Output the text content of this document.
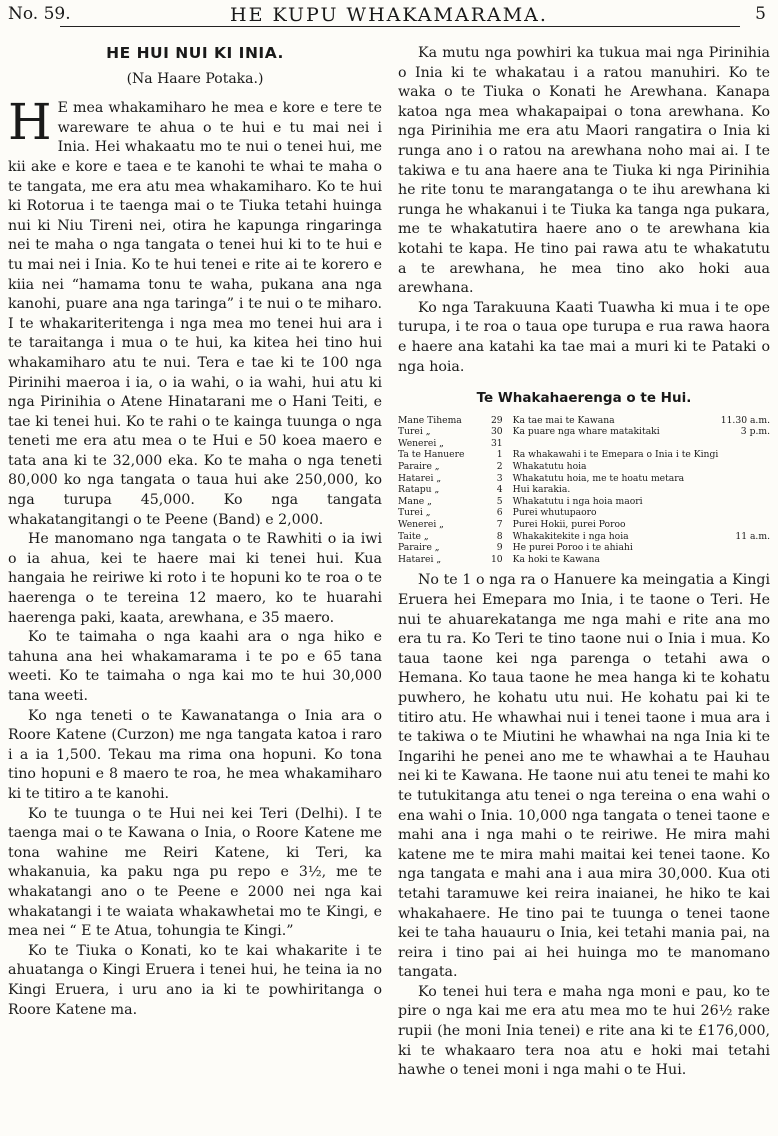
No. 59.	HE KUPU WHAKAMARAMA.	5
HE HUI NUI KI INIA.
(Na Haare Potaka.)

H E mea whakamiharo he mea e kore e tere te wareware te ahua o te hui e tu mai nei i Inia. Hei whakaatu mo te nui o tenei hui, me kii ake e kore e taea e te kanohi te whai te maha o te tangata, me era atu mea whakamiharo. Ko te hui ki Rotorua i te taenga mai o te Tiuka tetahi huinga nui ki Niu Tireni nei, otira he kapunga ringaringa nei te maha o nga tangata o tenei hui ki to te hui e tu mai nei i Inia. Ko te hui tenei e rite ai te korero e kiia nei “hamama tonu te waha, pukana ana nga kanohi, puare ana nga taringa” i te nui o te miharo. I te whakariteritenga i nga mea mo tenei hui ara i te taraitanga i mua o te hui, ka kitea hei tino hui whakamiharo atu te nui. Tera e tae ki te 100 nga Pirinihi maeroa i ia, o ia wahi, o ia wahi, hui atu ki nga Pirinihia o Atene Hinatarani me o Hani Teiti, e tae ki tenei hui. Ko te rahi o te kainga tuunga o nga teneti me era atu mea o te Hui e 50 koea maero e tata ana ki te 32,000 eka. Ko te maha o nga teneti 80,000 ko nga tangata o taua hui ake 250,000, ko nga turupa 45,000. Ko nga tangata whakatangitangi o te Peene (Band) e 2,000.

He manomano nga tangata o te Rawhiti o ia iwi o ia ahua, kei te haere mai ki tenei hui. Kua hangaia he reiriwe ki roto i te hopuni ko te roa o te haerenga o te tereina 12 maero, ko te huarahi haerenga paki, kaata, arewhana, e 35 maero.

Ko te taimaha o nga kaahi ara o nga hiko e tahuna ana hei whakamarama i te po e 65 tana weeti. Ko te taimaha o nga kai mo te hui 30,000 tana weeti.

Ko nga teneti o te Kawanatanga o Inia ara o Roore Katene (Curzon) me nga tangata katoa i raro i a ia 1,500. Tekau ma rima ona hopuni. Ko tona tino hopuni e 8 maero te roa, he mea whakamiharo ki te titiro a te kanohi.

Ko te tuunga o te Hui nei kei Teri (Delhi). I te taenga mai o te Kawana o Inia, o Roore Katene me tona wahine me Reiri Katene, ki Teri, ka whakanuia, ka paku nga pu repo e 3½, me te whakatangi ano o te Peene e 2000 nei nga kai whakatangi i te waiata whakawhetai mo te Kingi, e mea nei “ E te Atua, tohungia te Kingi.”

Ko te Tiuka o Konati, ko te kai whakarite i te ahuatanga o Kingi Eruera i tenei hui, he teina ia no Kingi Eruera, i uru ano ia ki te powhiritanga o Roore Katene ma.

Ka mutu nga powhiri ka tukua mai nga Pirinihia o Inia ki te whakatau i a ratou manuhiri. Ko te waka o te Tiuka o Konati he Arewhana. Kanapa katoa nga mea whakapaipai o tona arewhana. Ko nga Pirinihia me era atu Maori rangatira o Inia ki runga ano i o ratou na arewhana noho mai ai. I te takiwa e tu ana haere ana te Tiuka ki nga Pirinihia he rite tonu te marangatanga o te ihu arewhana ki runga he whakanui i te Tiuka ka tanga nga pukara, me te whakatutira haere ano o te arewhana kia kotahi te kapa. He tino pai rawa atu te whakatutu a te arewhana, he mea tino ako hoki aua arewhana.

Ko nga Tarakuuna Kaati Tuawha ki mua i te ope turupa, i te roa o taua ope turupa e rua rawa haora e haere ana katahi ka tae mai a muri ki te Pataki o nga hoia.

Te Whakahaerenga o te Hui.
Mane Tihema	29	Ka tae mai te Kawana	11.30 a.m.
Turei „	30	Ka puare nga whare matakitaki	3 p.m.
Wenerei „	31		
Ta te Hanuere	1	Ra whakawahi i te Emepara o Inia i te Kingi	
Paraire „	2	Whakatutu hoia	
Hatarei „	3	Whakatutu hoia, me te hoatu metara	
Ratapu „	4	Hui karakia.	
Mane „	5	Whakatutu i nga hoia maori	
Turei „	6	Purei whutupaoro	
Wenerei „	7	Purei Hokii, purei Poroo	
Taite „	8	Whakakitekite i nga hoia	11 a.m.
Paraire „	9	He purei Poroo i te ahiahi	
Hatarei „	10	Ka hoki te Kawana	

No te 1 o nga ra o Hanuere ka meingatia a Kingi Eruera hei Emepara mo Inia, i te taone o Teri. He nui te ahuarekatanga me nga mahi e rite ana mo era tu ra. Ko Teri te tino taone nui o Inia i mua. Ko taua taone kei nga parenga o tetahi awa o Hemana. Ko taua taone he mea hanga ki te kohatu puwhero, he kohatu utu nui. He kohatu pai ki te titiro atu. He whawhai nui i tenei taone i mua ara i te takiwa o te Miutini he whawhai na nga Inia ki te Ingarihi he penei ano me te whawhai a te Hauhau nei ki te Kawana. He taone nui atu tenei te mahi ko te tutukitanga atu tenei o nga tereina o ena wahi o ena wahi o Inia. 10,000 nga tangata o tenei taone e mahi ana i nga mahi o te reiriwe. He mira mahi katene me te mira mahi maitai kei tenei taone. Ko nga tangata e mahi ana i aua mira 30,000. Kua oti tetahi taramuwe kei reira inaianei, he hiko te kai whakahaere. He tino pai te tuunga o tenei taone kei te taha hauauru o Inia, kei tetahi mania pai, na reira i tino pai ai hei huinga mo te manomano tangata.

Ko tenei hui tera e maha nga moni e pau, ko te pire o nga kai me era atu mea mo te hui 26½ rake rupii (he moni Inia tenei) e rite ana ki te £176,000, ki te whakaaro tera noa atu e hoki mai tetahi hawhe o tenei moni i nga mahi o te Hui.
